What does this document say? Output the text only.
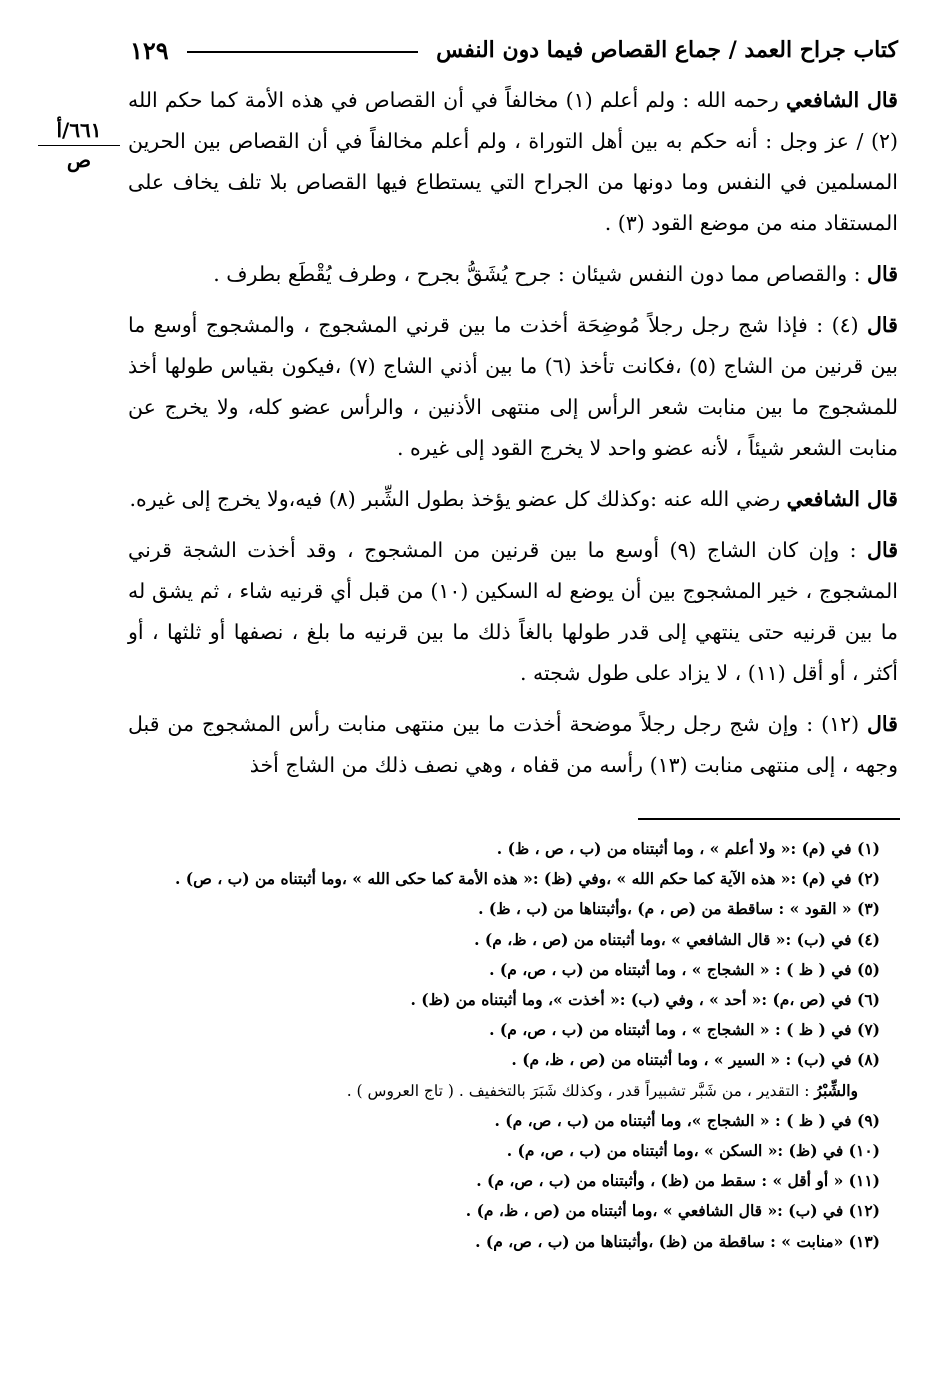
كتاب جراح العمد / جماع القصاص فيما دون النفس
١٢٩
٦٦١/أ
ص

قال الشافعي رحمه الله : ولم أعلم (١) مخالفاً في أن القصاص في هذه الأمة كما حكم الله (٢) / عز وجل : أنه حكم به بين أهل التوراة ، ولم أعلم مخالفاً في أن القصاص بين الحرين المسلمين في النفس وما دونها من الجراح التي يستطاع فيها القصاص بلا تلف يخاف على المستقاد منه من موضع القود (٣) .

قال : والقصاص مما دون النفس شيئان : جرح يُشَقُّ بجرح ، وطرف يُقْطَع بطرف .

قال (٤) : فإذا شج رجل رجلاً مُوضِحَة أخذت ما بين قرني المشجوج ، والمشجوج أوسع ما بين قرنين من الشاج (٥) ،فكانت تأخذ (٦) ما بين أذني الشاج (٧) ،فيكون بقياس طولها أخذ للمشجوج ما بين منابت شعر الرأس إلى منتهى الأذنين ، والرأس عضو كله، ولا يخرج عن منابت الشعر شيئاً ، لأنه عضو واحد لا يخرج القود إلى غيره .

قال الشافعي رضي الله عنه :وكذلك كل عضو يؤخذ بطول الشِّبر (٨) فيه،ولا يخرج إلى غيره.

قال : وإن كان الشاج (٩) أوسع ما بين قرنين من المشجوج ، وقد أخذت الشجة قرني المشجوج ، خير المشجوج بين أن يوضع له السكين (١٠) من قبل أي قرنيه شاء ، ثم يشق له ما بين قرنيه حتى ينتهي إلى قدر طولها بالغاً ذلك ما بين قرنيه ما بلغ ، نصفها أو ثلثها ، أو أكثر ، أو أقل (١١) ، لا يزاد على طول شجته .

قال (١٢) : وإن شج رجل رجلاً موضحة أخذت ما بين منتهى منابت رأس المشجوج من قبل وجهه ، إلى منتهى منابت (١٣) رأسه من قفاه ، وهي نصف ذلك من الشاج أخذ

(١) في (م) :« ولا أعلم » ، وما أثبتناه من (ب ، ص ، ظ) .
(٢) في (م) :« هذه الآية كما حكم الله » ،وفي (ظ) :« هذه الأمة كما حكى الله » ،وما أثبتناه من (ب ، ص) .
(٣) « القود » : ساقطة من (ص ، م) ،وأثبتناها من (ب ، ظ) .
(٤) في (ب) :« قال الشافعي » ،وما أثبتناه من (ص ، ظ، م) .
(٥) في ( ظ ) : « الشجاج » ، وما أثبتناه من (ب ، ص، م) .
(٦) في (ص ،م) :« أحد » ، وفي (ب) :« أخذت »، وما أثبتناه من (ظ) .
(٧) في ( ظ ) : « الشجاج » ، وما أثبتناه من (ب ، ص، م) .
(٨) في (ب) : « السير » ، وما أثبتناه من (ص ، ظ، م) .
والشِّبْرُ : التقدير ، من شَبَّر تشبيراً قدر ، وكذلك شَبَرَ بالتخفيف . ( تاج العروس ) .
(٩) في ( ظ ) : « الشجاج »، وما أثبتناه من (ب ، ص، م) .
(١٠) في (ظ) :« السكن » ،وما أثبتناه من (ب ، ص، م) .
(١١) « أو أقل » : سقط من (ظ) ، وأثبتناه من (ب ، ص، م) .
(١٢) في (ب) :« قال الشافعي » ،وما أثبتناه من (ص ، ظ، م) .
(١٣) «منابت » : ساقطة من (ظ) ،وأثبتناها من (ب ، ص، م) .
